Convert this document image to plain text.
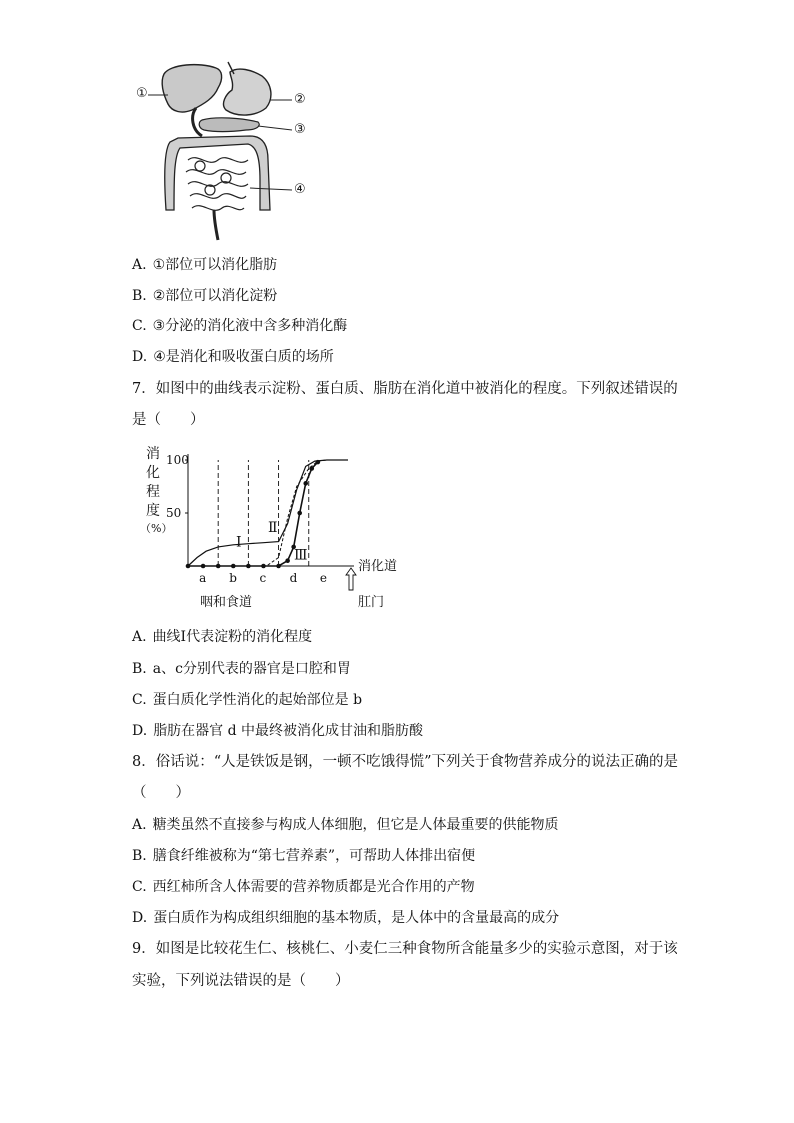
①	②
③
④
A. ①部位可以消化脂肪
B. ②部位可以消化淀粉
C. ③分泌的消化液中含多种消化酶
D. ④是消化和吸收蛋白质的场所
7．如图中的曲线表示淀粉、蛋白质、脂肪在消化道中被消化的程度。下列叙述错误的
是（　　）
50
100
消
化
程
度
（%）
a b c d e
咽和食道	肛门
消化道
Ⅰ
Ⅱ
Ⅲ
A. 曲线Ⅰ代表淀粉的消化程度
B. a、c分别代表的器官是口腔和胃
C. 蛋白质化学性消化的起始部位是 b
D. 脂肪在器官 d 中最终被消化成甘油和脂肪酸
8．俗话说：“人是铁饭是钢，一顿不吃饿得慌”下列关于食物营养成分的说法正确的是
（　　）
A. 糖类虽然不直接参与构成人体细胞，但它是人体最重要的供能物质
B. 膳食纤维被称为“第七营养素”，可帮助人体排出宿便
C. 西红柿所含人体需要的营养物质都是光合作用的产物
D. 蛋白质作为构成组织细胞的基本物质，是人体中的含量最高的成分
9．如图是比较花生仁、核桃仁、小麦仁三种食物所含能量多少的实验示意图，对于该
实验，下列说法错误的是（　　）
